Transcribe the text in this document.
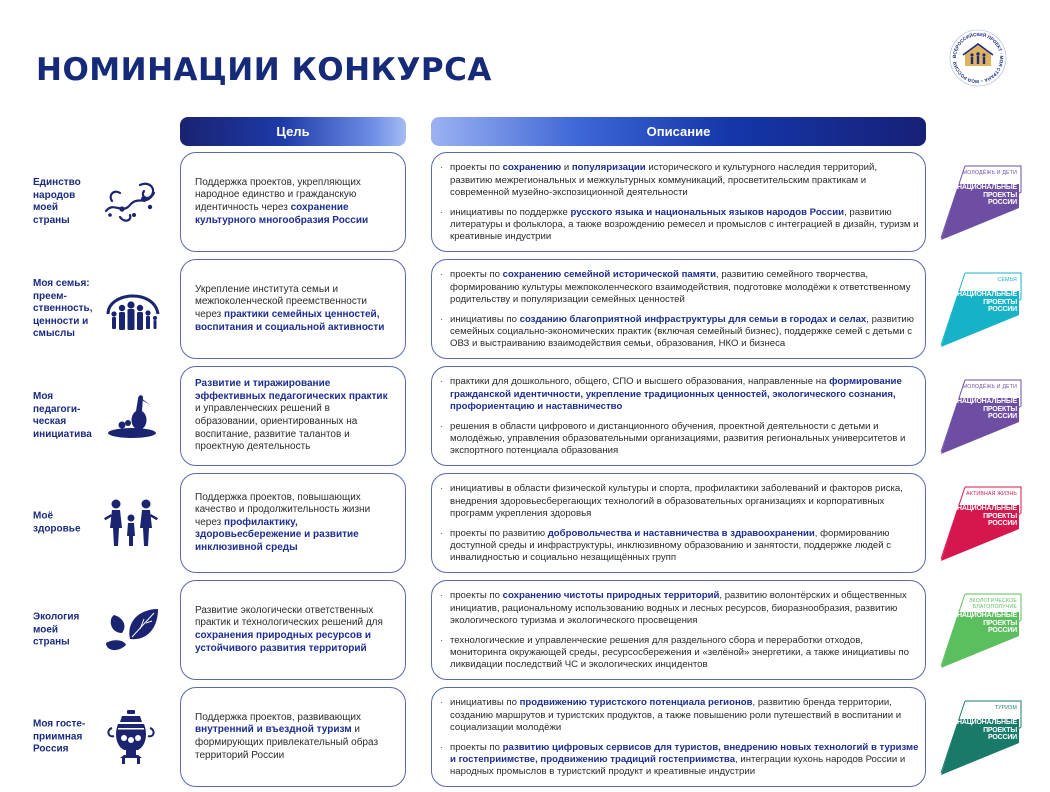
НОМИНАЦИИ КОНКУРСА	ВСЕРОССИЙСКИЙ ПРОЕКТ · МОЯ СТРАНА – МОЯ РОССИЯ
Цель	Описание
Единство народов моей страны
Поддержка проектов, укрепляющих народное единство и гражданскую идентичность через сохранение культурного многообразия России
· проекты по сохранению и популяризации исторического и культурного наследия территорий, развитию межрегиональных и межкультурных коммуникаций, просветительским практикам и современной музейно-экспозиционной деятельности
· инициативы по поддержке русского языка и национальных языков народов России, развитию литературы и фольклора, а также возрождению ремесел и промыслов с интеграцией в дизайн, туризм и креативные индустрии
МОЛОДЁЖЬ И ДЕТИ
НАЦИОНАЛЬНЫЕ
ПРОЕКТЫ
РОССИИ
Моя семья: преем-ственность, ценности и смыслы
Укрепление института семьи и межпоколенческой преемственности через практики семейных ценностей, воспитания и социальной активности
· проекты по сохранению семейной исторической памяти, развитию семейного творчества, формированию культуры межпоколенческого взаимодействия, подготовке молодёжи к ответственному родительству и популяризации семейных ценностей
· инициативы по созданию благоприятной инфраструктуры для семьи в городах и селах, развитию семейных социально-экономических практик (включая семейный бизнес), поддержке семей с детьми с ОВЗ и выстраиванию взаимодействия семьи, образования, НКО и бизнеса
СЕМЬЯ
НАЦИОНАЛЬНЫЕ
ПРОЕКТЫ
РОССИИ
Моя педагоги-ческая инициатива
Развитие и тиражирование эффективных педагогических практик и управленческих решений в образовании, ориентированных на воспитание, развитие талантов и проектную деятельность
· практики для дошкольного, общего, СПО и высшего образования, направленные на формирование гражданской идентичности, укрепление традиционных ценностей, экологического сознания, профориентацию и наставничество
· решения в области цифрового и дистанционного обучения, проектной деятельности с детьми и молодёжью, управления образовательными организациями, развития региональных университетов и экспортного потенциала образования
МОЛОДЁЖЬ И ДЕТИ
НАЦИОНАЛЬНЫЕ
ПРОЕКТЫ
РОССИИ
Моё здоровье
Поддержка проектов, повышающих качество и продолжительность жизни через профилактику, здоровьесбережение и развитие инклюзивной среды
· инициативы в области физической культуры и спорта, профилактики заболеваний и факторов риска, внедрения здоровьесберегающих технологий в образовательных организациях и корпоративных программ укрепления здоровья
· проекты по развитию добровольчества и наставничества в здравоохранении, формированию доступной среды и инфраструктуры, инклюзивному образованию и занятости, поддержке людей с инвалидностью и социально незащищённых групп
АКТИВНАЯ ЖИЗНЬ
НАЦИОНАЛЬНЫЕ
ПРОЕКТЫ
РОССИИ
Экология моей страны
Развитие экологически ответственных практик и технологических решений для сохранения природных ресурсов и устойчивого развития территорий
· проекты по сохранению чистоты природных территорий, развитию волонтёрских и общественных инициатив, рациональному использованию водных и лесных ресурсов, биоразнообразия, развитию экологического туризма и экологического просвещения
· технологические и управленческие решения для раздельного сбора и переработки отходов, мониторинга окружающей среды, ресурсосбережения и «зелёной» энергетики, а также инициативы по ликвидации последствий ЧС и экологических инцидентов
ЭКОЛОГИЧЕСКОЕ БЛАГОПОЛУЧИЕ
НАЦИОНАЛЬНЫЕ
ПРОЕКТЫ
РОССИИ
Моя госте-приимная Россия
Поддержка проектов, развивающих внутренний и въездной туризм и формирующих привлекательный образ территорий России
· инициативы по продвижению туристского потенциала регионов, развитию бренда территории, созданию маршрутов и туристских продуктов, а также повышению роли путешествий в воспитании и социализации молодёжи
· проекты по развитию цифровых сервисов для туристов, внедрению новых технологий в туризме и гостеприимстве, продвижению традиций гостеприимства, интеграции кухонь народов России и народных промыслов в туристский продукт и креативные индустрии
ТУРИЗМ
НАЦИОНАЛЬНЫЕ
ПРОЕКТЫ
РОССИИ
